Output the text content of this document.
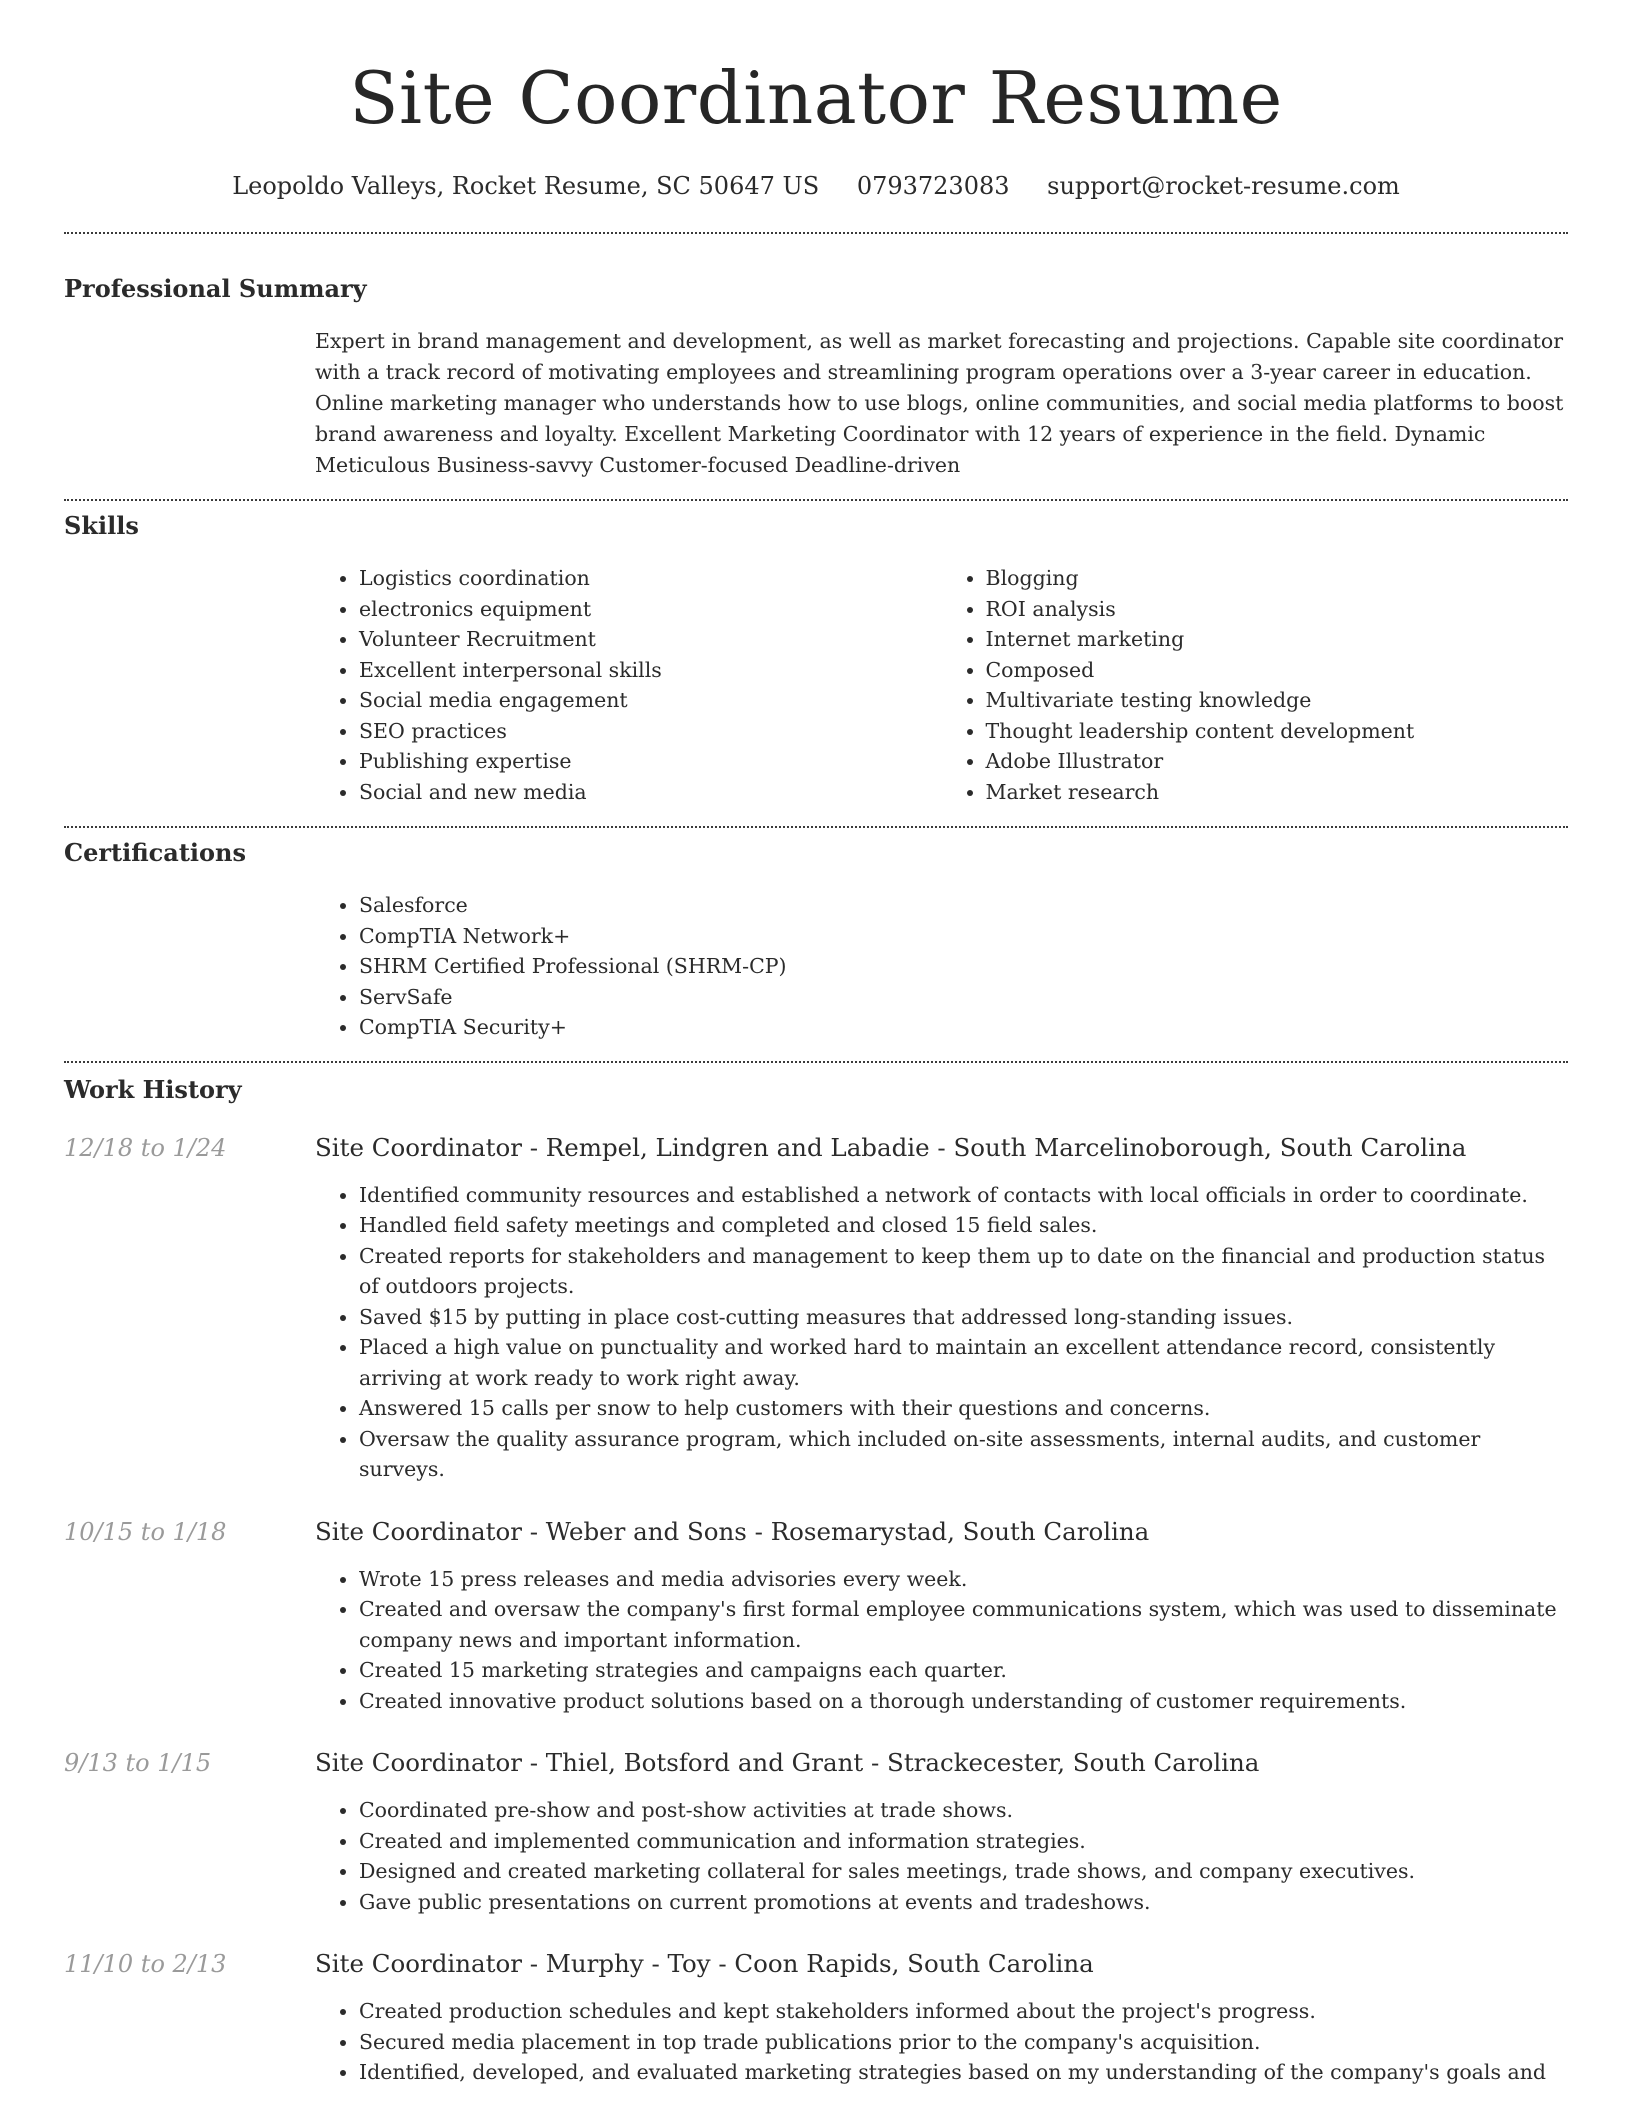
Site Coordinator Resume
Leopoldo Valleys, Rocket Resume, SC 50647 US 0793723083 support@rocket-resume.com
Professional Summary

Expert in brand management and development, as well as market forecasting and projections. Capable site coordinator with a track record of motivating employees and streamlining program operations over a 3-year career in education. Online marketing manager who understands how to use blogs, online communities, and social media platforms to boost brand awareness and loyalty. Excellent Marketing Coordinator with 12 years of experience in the field. Dynamic Meticulous Business-savvy Customer-focused Deadline-driven

Skills
• Logistics coordination
• electronics equipment
• Volunteer Recruitment
• Excellent interpersonal skills
• Social media engagement
• SEO practices
• Publishing expertise
• Social and new media
• Blogging
• ROI analysis
• Internet marketing
• Composed
• Multivariate testing knowledge
• Thought leadership content development
• Adobe Illustrator
• Market research
Certifications
• Salesforce
• CompTIA Network+
• SHRM Certified Professional (SHRM-CP)
• ServSafe
• CompTIA Security+
Work History
12/18 to 1/24	Site Coordinator - Rempel, Lindgren and Labadie - South Marcelinoborough, South Carolina
• Identified community resources and established a network of contacts with local officials in order to coordinate.
• Handled field safety meetings and completed and closed 15 field sales.
• Created reports for stakeholders and management to keep them up to date on the financial and production status of outdoors projects.
• Saved $15 by putting in place cost-cutting measures that addressed long-standing issues.
• Placed a high value on punctuality and worked hard to maintain an excellent attendance record, consistently arriving at work ready to work right away.
• Answered 15 calls per snow to help customers with their questions and concerns.
• Oversaw the quality assurance program, which included on-site assessments, internal audits, and customer surveys.
10/15 to 1/18	Site Coordinator - Weber and Sons - Rosemarystad, South Carolina
• Wrote 15 press releases and media advisories every week.
• Created and oversaw the company's first formal employee communications system, which was used to disseminate company news and important information.
• Created 15 marketing strategies and campaigns each quarter.
• Created innovative product solutions based on a thorough understanding of customer requirements.
9/13 to 1/15	Site Coordinator - Thiel, Botsford and Grant - Strackecester, South Carolina
• Coordinated pre-show and post-show activities at trade shows.
• Created and implemented communication and information strategies.
• Designed and created marketing collateral for sales meetings, trade shows, and company executives.
• Gave public presentations on current promotions at events and tradeshows.
11/10 to 2/13	Site Coordinator - Murphy - Toy - Coon Rapids, South Carolina
• Created production schedules and kept stakeholders informed about the project's progress.
• Secured media placement in top trade publications prior to the company's acquisition.
• Identified, developed, and evaluated marketing strategies based on my understanding of the company's goals and
